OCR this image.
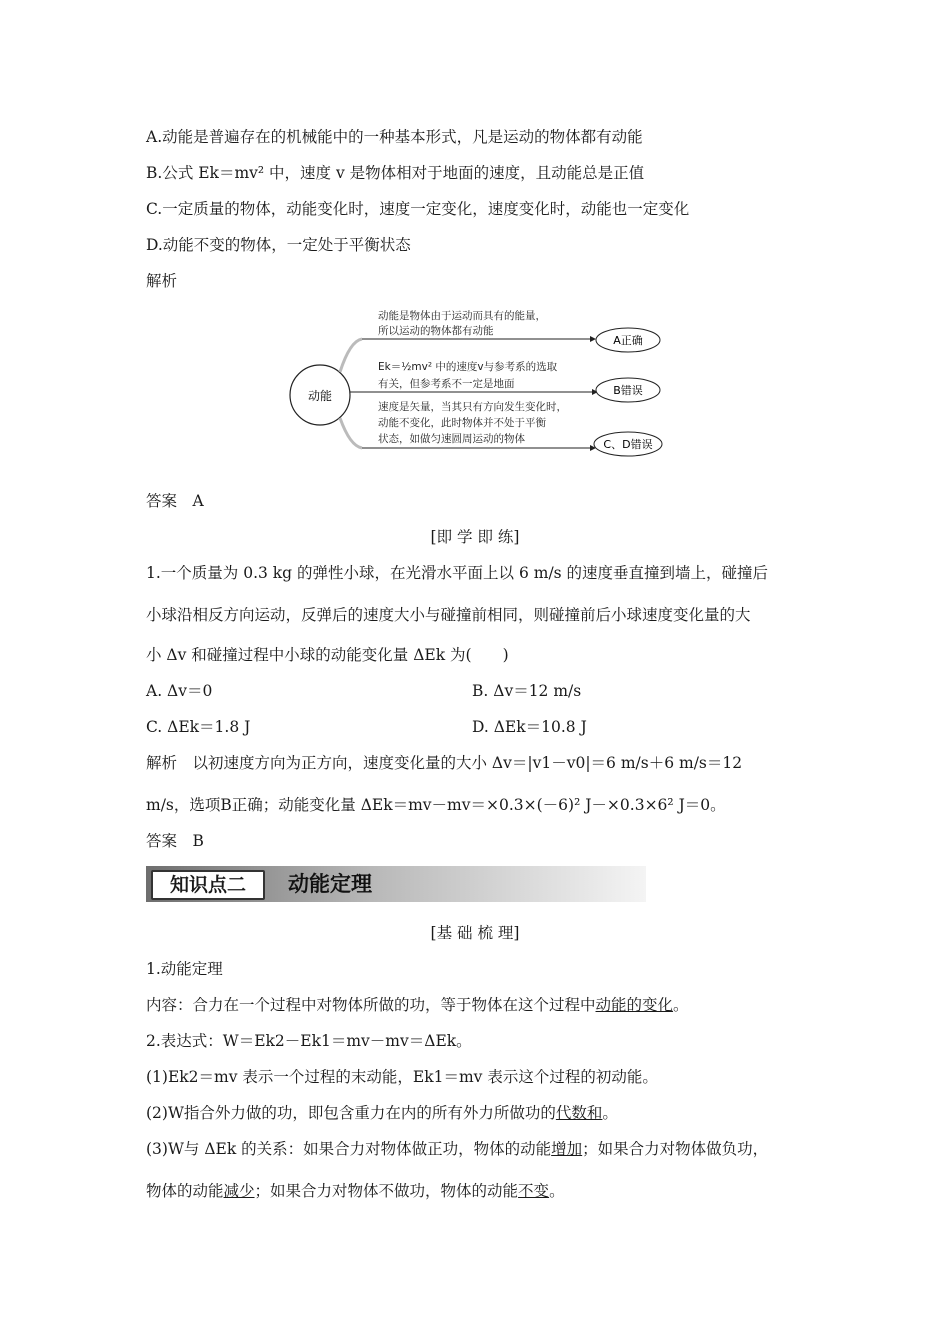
A.动能是普遍存在的机械能中的一种基本形式，凡是运动的物体都有动能
B.公式 Ek＝mv² 中，速度 v 是物体相对于地面的速度，且动能总是正值
C.一定质量的物体，动能变化时，速度一定变化，速度变化时，动能也一定变化
D.动能不变的物体，一定处于平衡状态
解析
动能
A正确
B错误
C、D错误
动能是物体由于运动而具有的能量，
所以运动的物体都有动能
Ek＝½mv² 中的速度v与参考系的选取
有关，但参考系不一定是地面
速度是矢量，当其只有方向发生变化时，
动能不变化，此时物体并不处于平衡
状态，如做匀速圆周运动的物体
答案　A
[即 学 即 练]
1.一个质量为 0.3 kg 的弹性小球，在光滑水平面上以 6 m/s 的速度垂直撞到墙上，碰撞后
小球沿相反方向运动，反弹后的速度大小与碰撞前相同，则碰撞前后小球速度变化量的大
小 Δv 和碰撞过程中小球的动能变化量 ΔEk 为(　　)
A. Δv＝0	B. Δv＝12 m/s
C. ΔEk＝1.8 J	D. ΔEk＝10.8 J
解析　以初速度方向为正方向，速度变化量的大小 Δv＝|v1－v0|＝6 m/s＋6 m/s＝12
m/s，选项B正确；动能变化量 ΔEk＝mv－mv＝×0.3×(－6)² J－×0.3×6² J＝0。
答案　B
知识点二	动能定理
[基 础 梳 理]
1.动能定理
内容：合力在一个过程中对物体所做的功，等于物体在这个过程中动能的变化。
2.表达式：W＝Ek2－Ek1＝mv－mv＝ΔEk。
(1)Ek2＝mv 表示一个过程的末动能，Ek1＝mv 表示这个过程的初动能。
(2)W指合外力做的功，即包含重力在内的所有外力所做功的代数和。
(3)W与 ΔEk 的关系：如果合力对物体做正功，物体的动能增加；如果合力对物体做负功，
物体的动能减少；如果合力对物体不做功，物体的动能不变。
